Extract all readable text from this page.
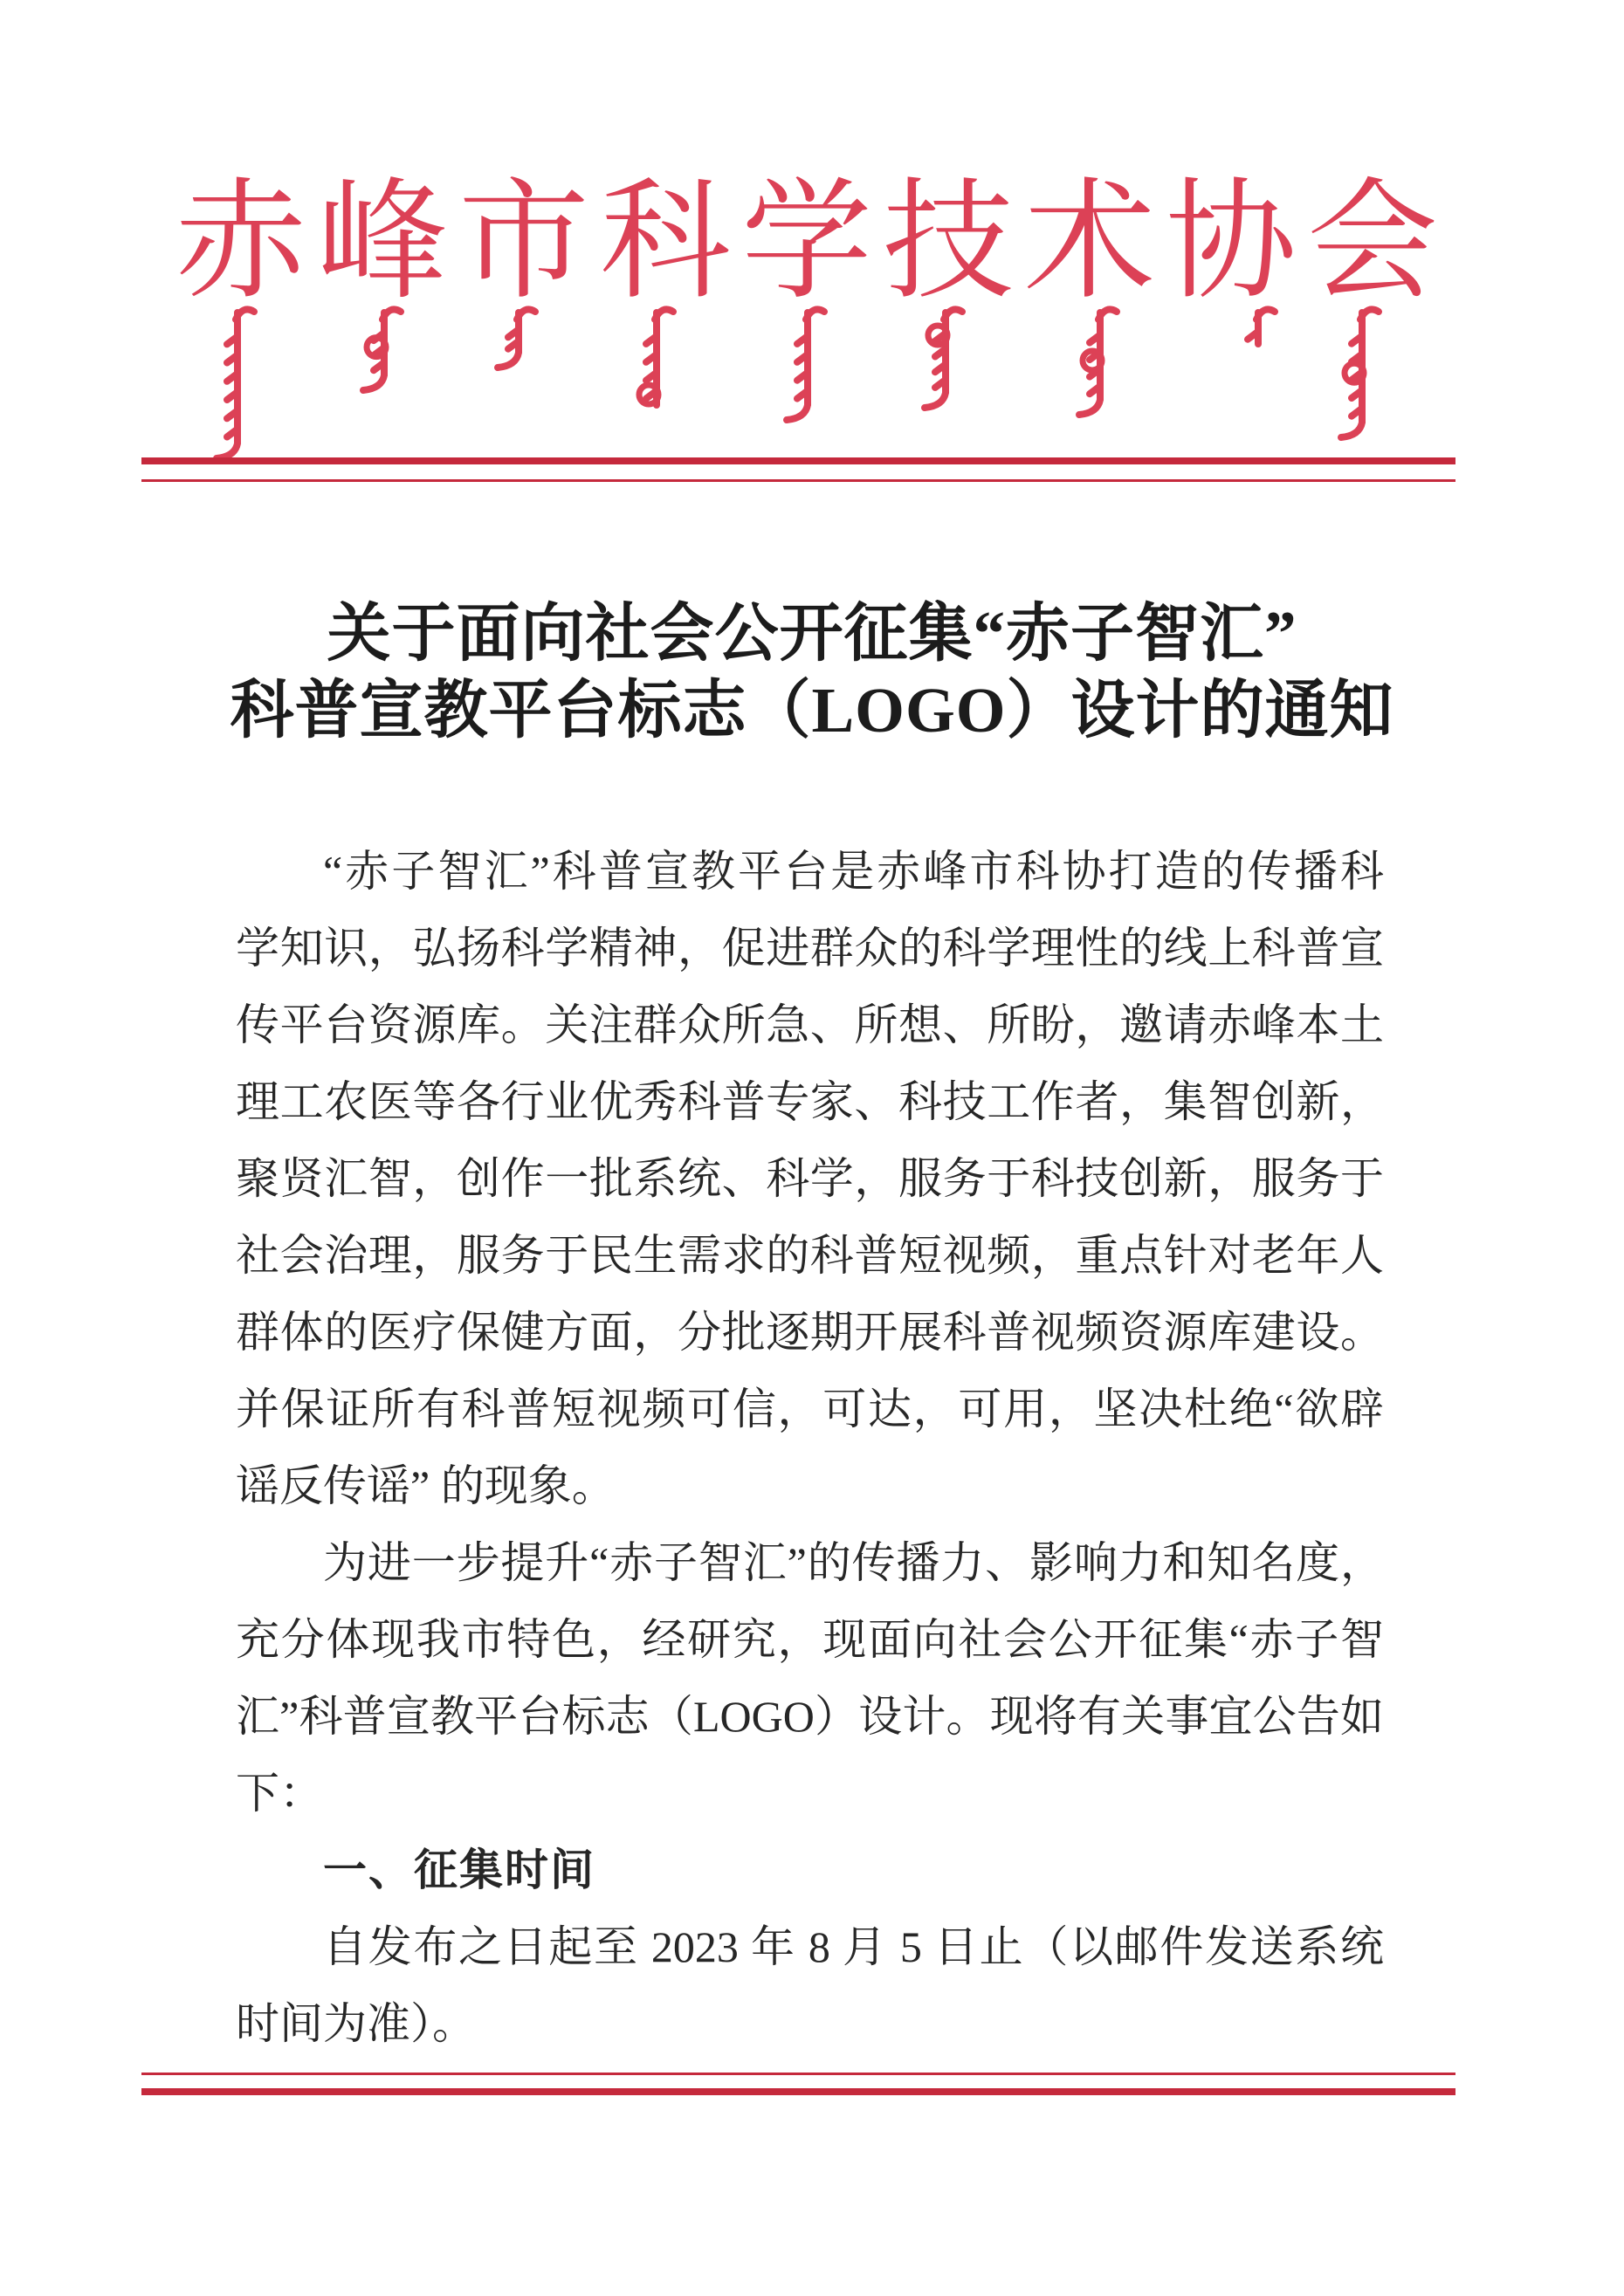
赤峰市科学技术协会
关于面向社会公开征集“赤子智汇”
科普宣教平台标志（LOGO）设计的通知
“赤子智汇”科普宣教平台是赤峰市科协打造的传播科
学知识，弘扬科学精神，促进群众的科学理性的线上科普宣
传平台资源库。关注群众所急、所想、所盼，邀请赤峰本土
理工农医等各行业优秀科普专家、科技工作者，集智创新，
聚贤汇智，创作一批系统、科学，服务于科技创新，服务于
社会治理，服务于民生需求的科普短视频，重点针对老年人
群体的医疗保健方面，分批逐期开展科普视频资源库建设。
并保证所有科普短视频可信，可达，可用，坚决杜绝“欲辟
谣反传谣” 的现象。
为进一步提升“赤子智汇”的传播力、影响力和知名度，
充分体现我市特色，经研究，现面向社会公开征集“赤子智
汇”科普宣教平台标志（LOGO）设计。现将有关事宜公告如
下：
一、征集时间
自发布之日起至 2023 年 8 月 5 日止（以邮件发送系统
时间为准）。
